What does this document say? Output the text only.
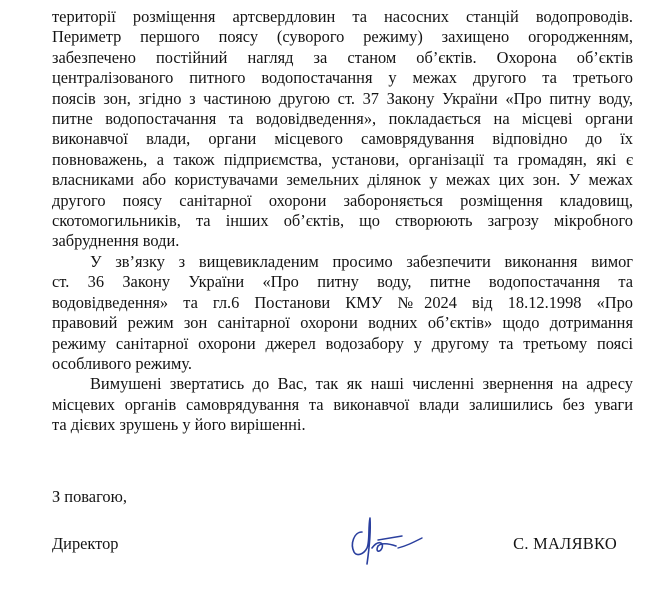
території розміщення артсвердловин та насосних станцій водопроводів.
Периметр першого поясу (суворого режиму) захищено огородженням,
забезпечено постійний нагляд за станом об’єктів. Охорона об’єктів
централізованого питного водопостачання у межах другого та третього
поясів зон, згідно з частиною другою ст. 37 Закону України «Про питну воду,
питне водопостачання та водовідведення», покладається на місцеві органи
виконавчої влади, органи місцевого самоврядування відповідно до їх
повноважень, а також підприємства, установи, організації та громадян, які є
власниками або користувачами земельних ділянок у межах цих зон. У межах
другого поясу санітарної охорони забороняється розміщення кладовищ,
скотомогильників, та інших об’єктів, що створюють загрозу мікробного
забруднення води.

У зв’язку з вищевикладеним просимо забезпечити виконання вимог
ст. 36 Закону України «Про питну воду, питне водопостачання та
водовідведення» та гл.6 Постанови КМУ №2024 від 18.12.1998 «Про
правовий режим зон санітарної охорони водних об’єктів» щодо дотримання
режиму санітарної охорони джерел водозабору у другому та третьому поясі
особливого режиму.

Вимушені звертатись до Вас, так як наші численні звернення на адресу
місцевих органів самоврядування та виконавчої влади залишились без уваги
та дієвих зрушень у його вирішенні.

З повагою,
Директор	С. МАЛЯВКО
